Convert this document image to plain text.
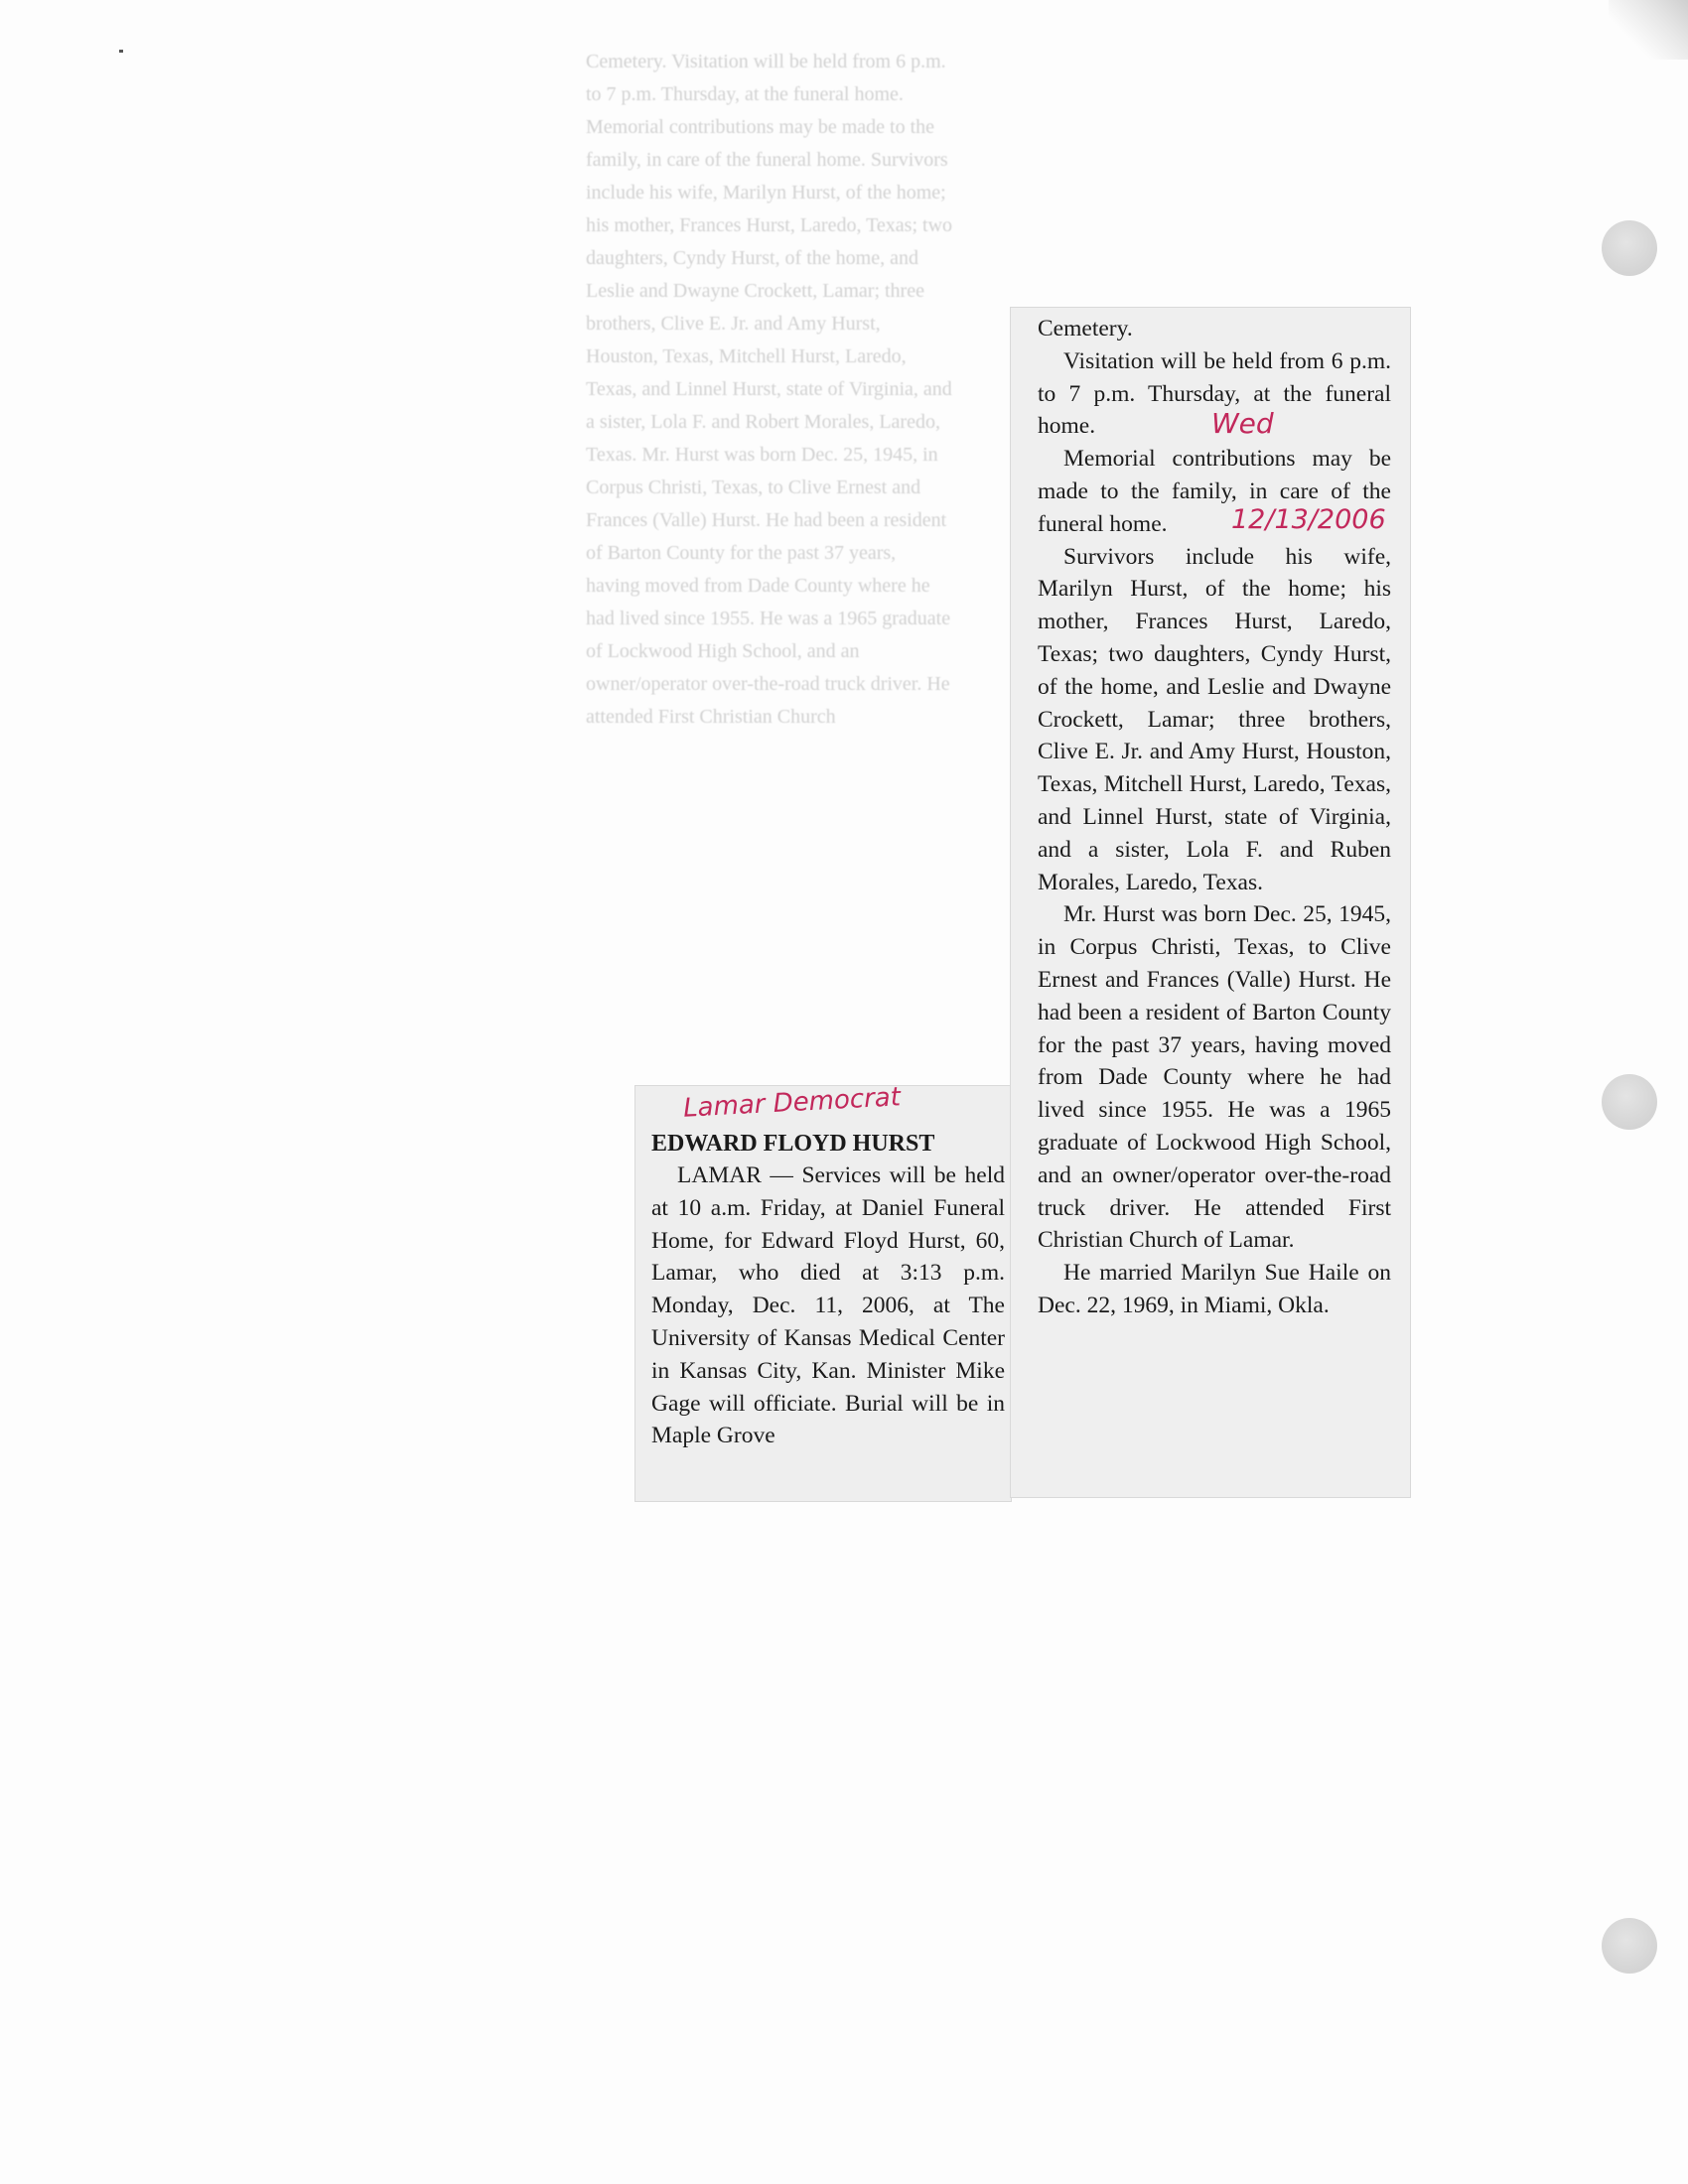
Cemetery. Visitation will be held from 6 p.m. to 7 p.m. Thursday, at the funeral home. Memorial contributions may be made to the family, in care of the funeral home. Survivors include his wife, Marilyn Hurst, of the home; his mother, Frances Hurst, Laredo, Texas; two daughters, Cyndy Hurst, of the home, and Leslie and Dwayne Crockett, Lamar; three brothers, Clive E. Jr. and Amy Hurst, Houston, Texas, Mitchell Hurst, Laredo, Texas, and Linnel Hurst, state of Virginia, and a sister, Lola F. and Robert Morales, Laredo, Texas. Mr. Hurst was born Dec. 25, 1945, in Corpus Christi, Texas, to Clive Ernest and Frances (Valle) Hurst. He had been a resident of Barton County for the past 37 years, having moved from Dade County where he had lived since 1955. He was a 1965 graduate of Lockwood High School, and an owner/operator over-the-road truck driver. He attended First Christian Church
Lamar Democrat
Wed
12/13/2006

EDWARD FLOYD HURST

LAMAR — Services will be held at 10 a.m. Friday, at Daniel Funeral Home, for Edward Floyd Hurst, 60, Lamar, who died at 3:13 p.m. Monday, Dec. 11, 2006, at The University of Kansas Medical Center in Kansas City, Kan. Minister Mike Gage will officiate. Burial will be in Maple Grove

Cemetery.

Visitation will be held from 6 p.m. to 7 p.m. Thursday, at the funeral home.

Memorial contributions may be made to the family, in care of the funeral home.

Survivors include his wife, Marilyn Hurst, of the home; his mother, Frances Hurst, Laredo, Texas; two daughters, Cyndy Hurst, of the home, and Leslie and Dwayne Crockett, Lamar; three brothers, Clive E. Jr. and Amy Hurst, Houston, Texas, Mitchell Hurst, Laredo, Texas, and Linnel Hurst, state of Virginia, and a sister, Lola F. and Ruben Morales, Laredo, Texas.

Mr. Hurst was born Dec. 25, 1945, in Corpus Christi, Texas, to Clive Ernest and Frances (Valle) Hurst. He had been a resident of Barton County for the past 37 years, having moved from Dade County where he had lived since 1955. He was a 1965 graduate of Lockwood High School, and an owner/operator over-the-road truck driver. He attended First Christian Church of Lamar.

He married Marilyn Sue Haile on Dec. 22, 1969, in Miami, Okla.
